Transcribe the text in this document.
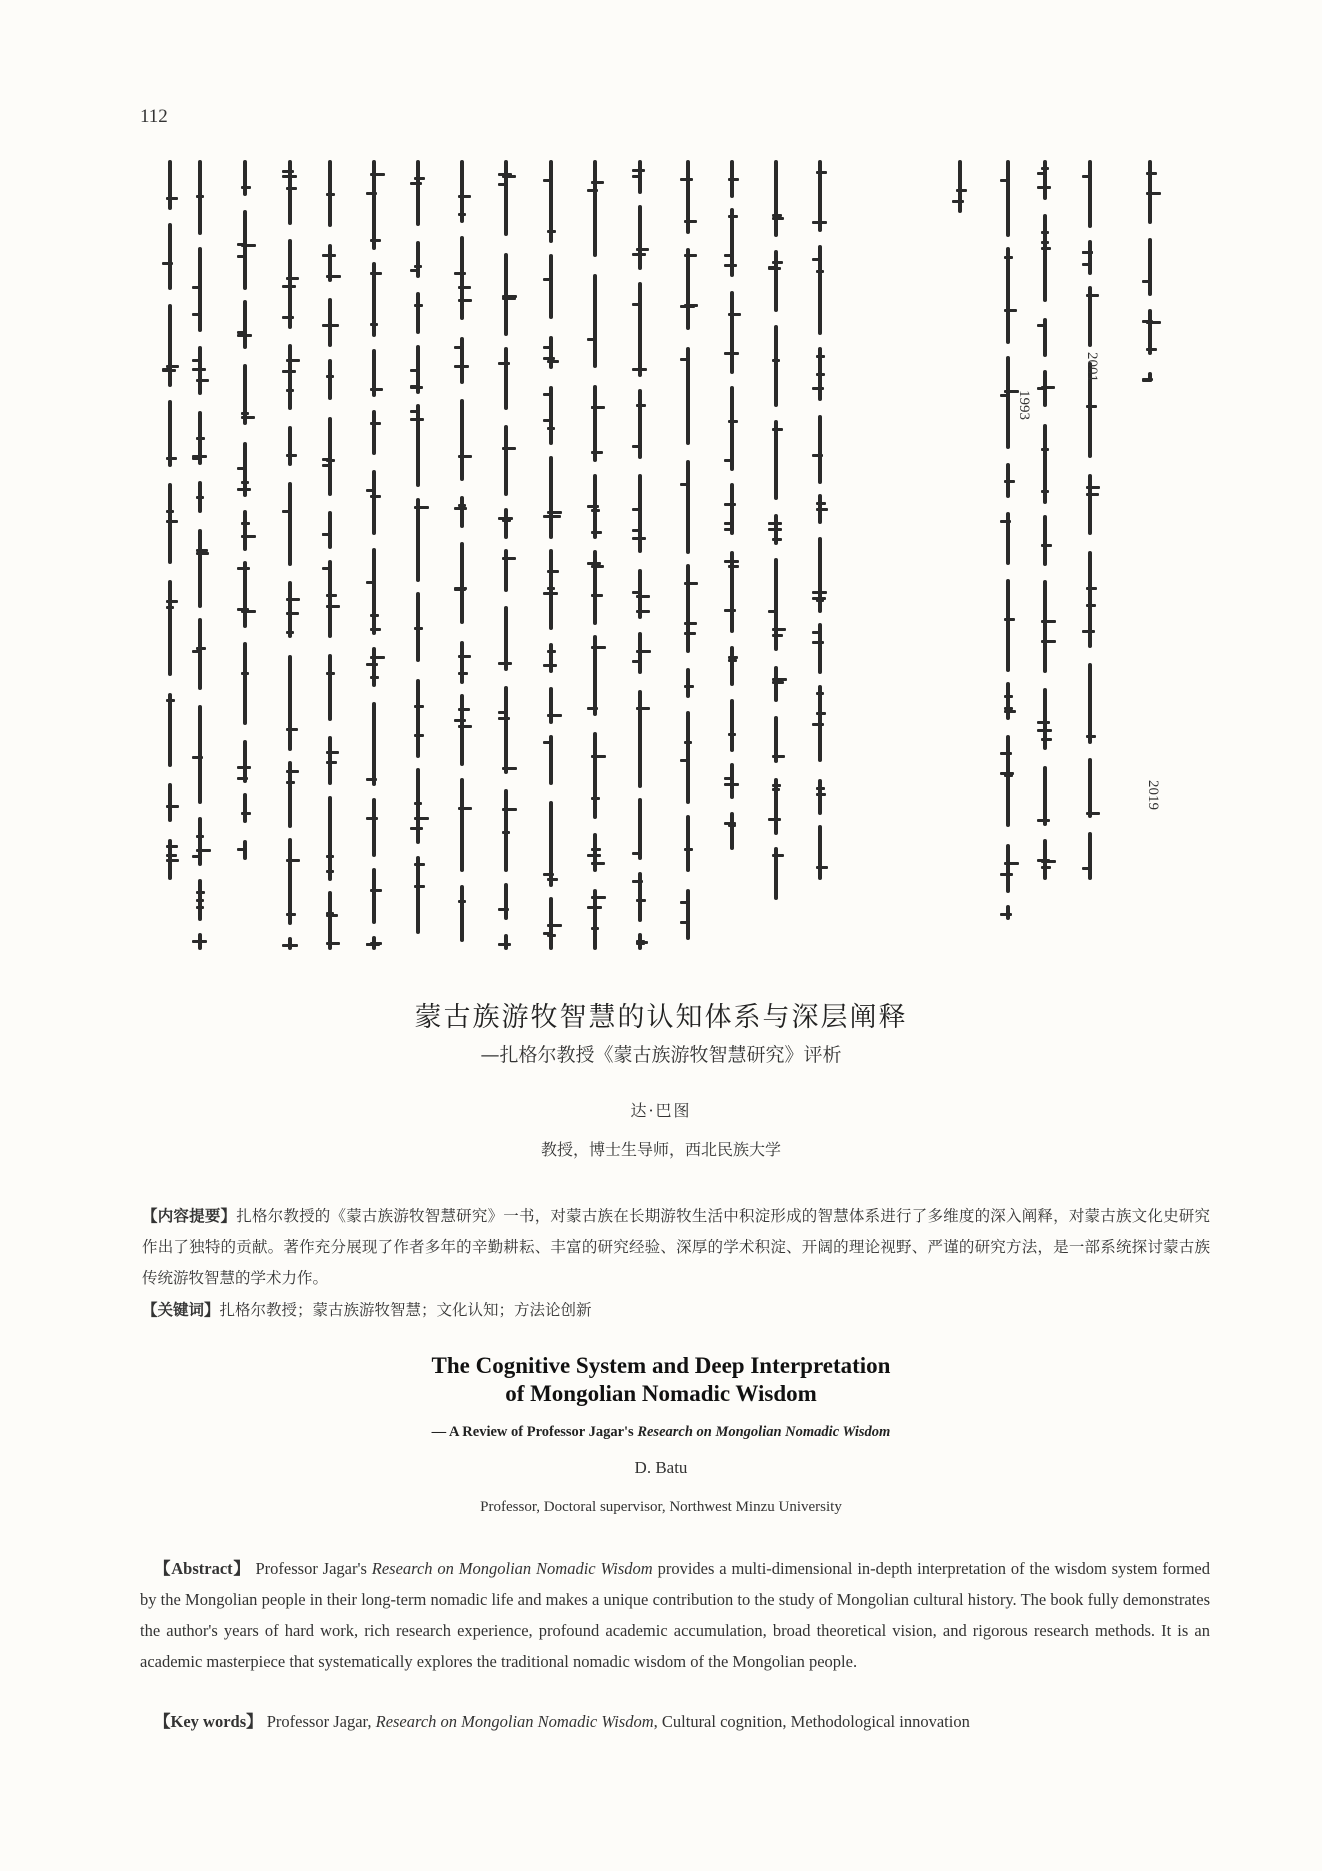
112
2019
2001
1993
蒙古族游牧智慧的认知体系与深层阐释
—扎格尔教授《蒙古族游牧智慧研究》评析
达·巴图
教授，博士生导师，西北民族大学
【内容提要】扎格尔教授的《蒙古族游牧智慧研究》一书，对蒙古族在长期游牧生活中积淀形成的智慧体系进行了多维度的深入阐释，对蒙古族文化史研究作出了独特的贡献。著作充分展现了作者多年的辛勤耕耘、丰富的研究经验、深厚的学术积淀、开阔的理论视野、严谨的研究方法，是一部系统探讨蒙古族传统游牧智慧的学术力作。
【关键词】扎格尔教授；蒙古族游牧智慧；文化认知；方法论创新
The Cognitive System and Deep Interpretation
of Mongolian Nomadic Wisdom
— A Review of Professor Jagar's Research on Mongolian Nomadic Wisdom
D. Batu
Professor, Doctoral supervisor, Northwest Minzu University
【Abstract】 Professor Jagar's Research on Mongolian Nomadic Wisdom provides a multi-dimensional in-depth interpretation of the wisdom system formed by the Mongolian people in their long-term nomadic life and makes a unique contribution to the study of Mongolian cultural history. The book fully demonstrates the author's years of hard work, rich research experience, profound academic accumulation, broad theoretical vision, and rigorous research methods. It is an academic masterpiece that systematically explores the traditional nomadic wisdom of the Mongolian people.
【Key words】 Professor Jagar, Research on Mongolian Nomadic Wisdom, Cultural cognition, Methodological innovation
